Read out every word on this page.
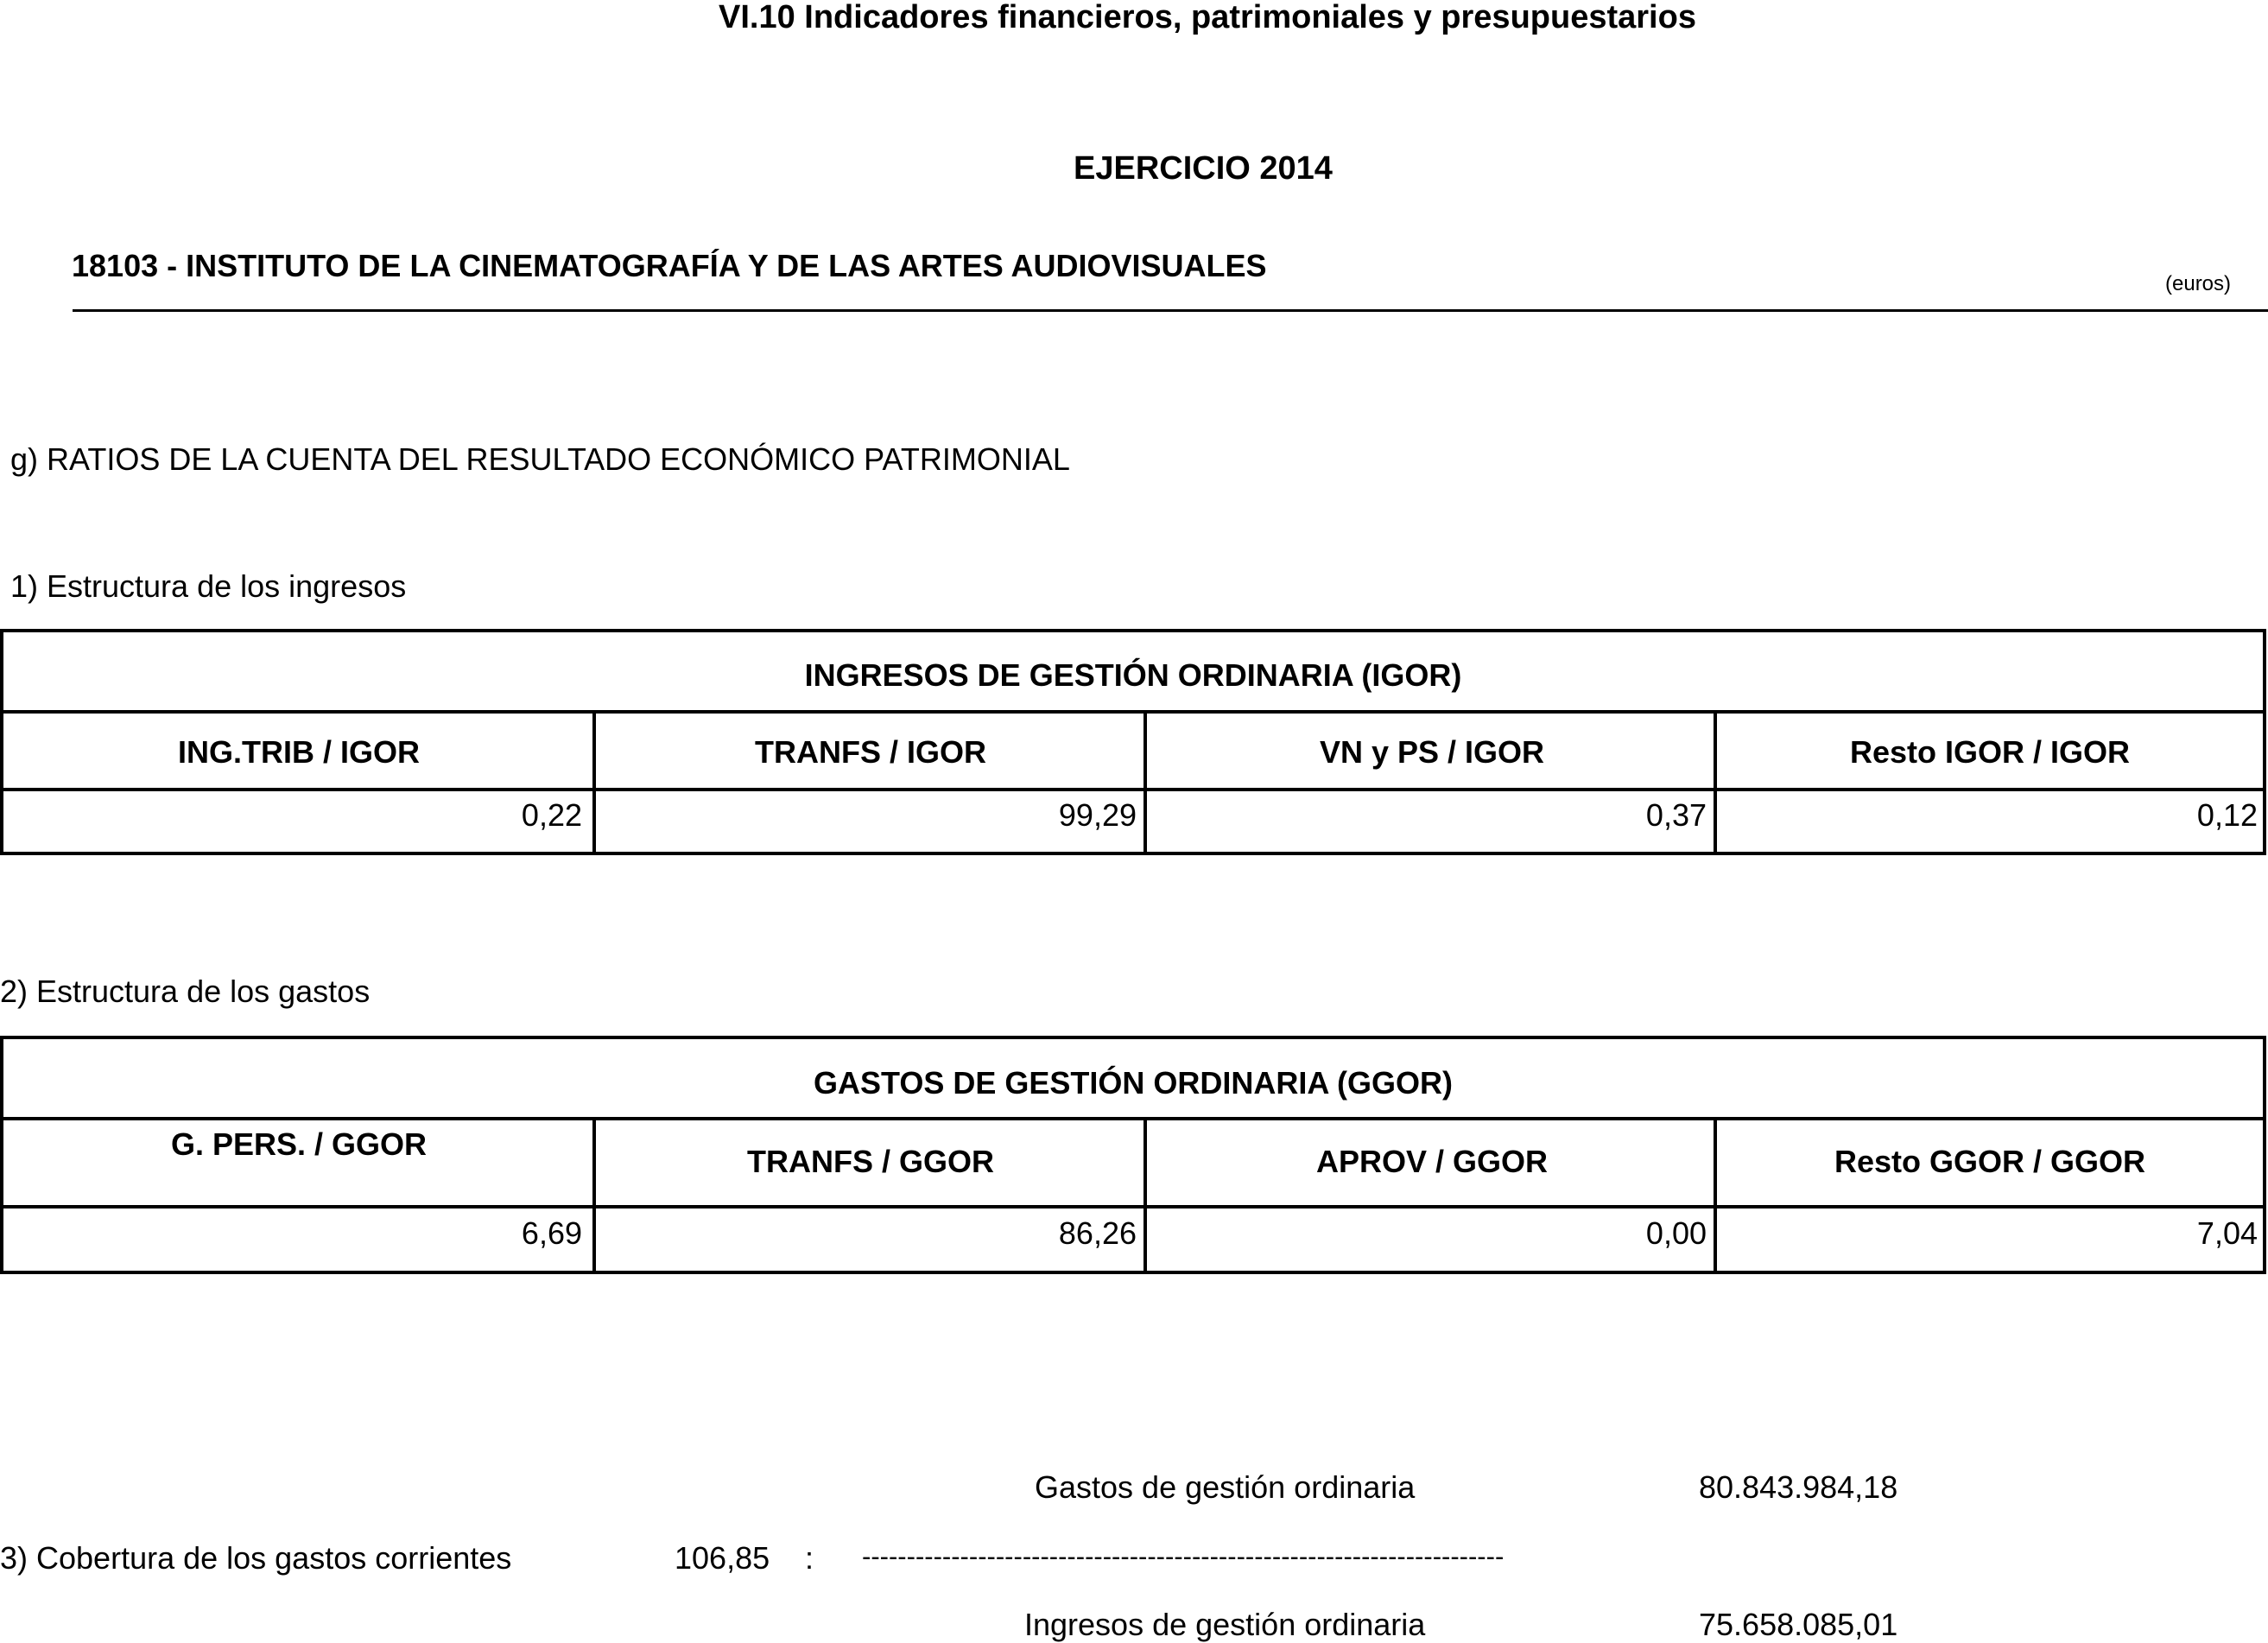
VI.10 Indicadores financieros, patrimoniales y presupuestarios
EJERCICIO 2014
18103 - INSTITUTO DE LA CINEMATOGRAFÍA Y DE LAS ARTES AUDIOVISUALES
(euros)
g) RATIOS DE LA CUENTA DEL RESULTADO ECONÓMICO PATRIMONIAL
1) Estructura de los ingresos
INGRESOS DE GESTIÓN ORDINARIA (IGOR)
ING.TRIB / IGOR	TRANFS / IGOR	VN y PS / IGOR	Resto IGOR / IGOR
0,22	99,29	0,37	0,12
2) Estructura de los gastos
GASTOS DE GESTIÓN ORDINARIA (GGOR)
G. PERS. / GGOR	TRANFS / GGOR	APROV / GGOR	Resto GGOR / GGOR
6,69	86,26	0,00	7,04
Gastos de gestión ordinaria	80.843.984,18
3) Cobertura de los gastos corrientes	106,85 : ------------------------------------------------------------------------
Ingresos de gestión ordinaria	75.658.085,01
